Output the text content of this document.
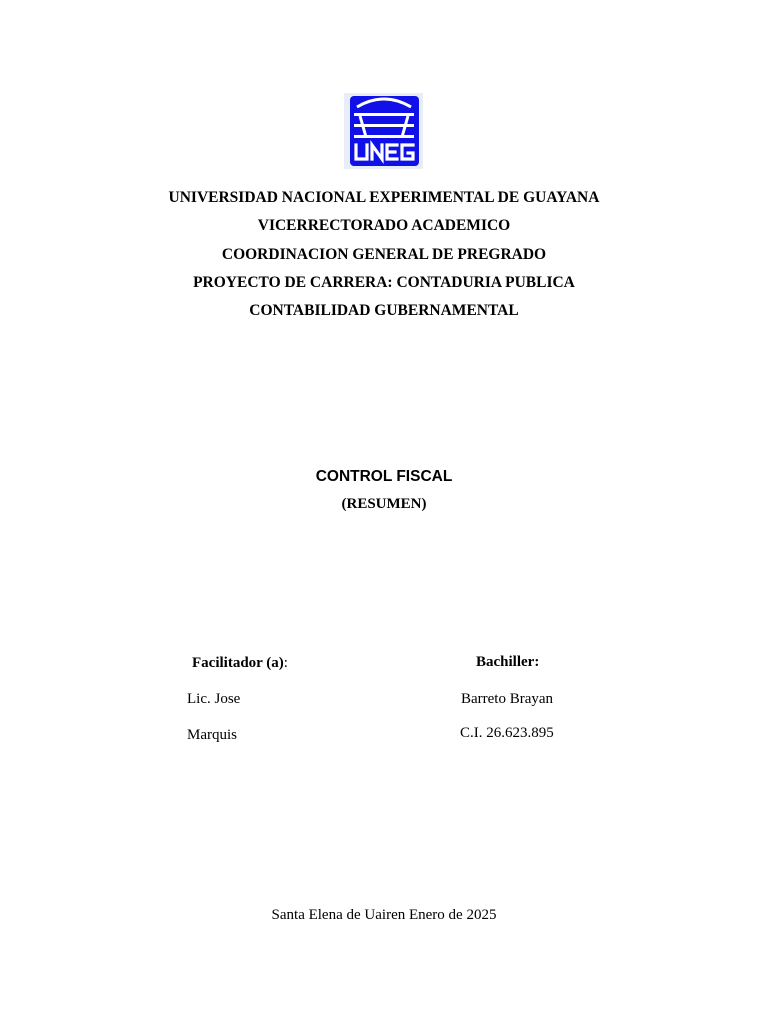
UNIVERSIDAD NACIONAL EXPERIMENTAL DE GUAYANA
VICERRECTORADO ACADEMICO
COORDINACION GENERAL DE PREGRADO
PROYECTO DE CARRERA: CONTADURIA PUBLICA
CONTABILIDAD GUBERNAMENTAL
CONTROL FISCAL
(RESUMEN)
Facilitador (a):	Bachiller:
Lic. Jose
Marquis
Barreto Brayan
C.I. 26.623.895
Santa Elena de Uairen Enero de 2025
